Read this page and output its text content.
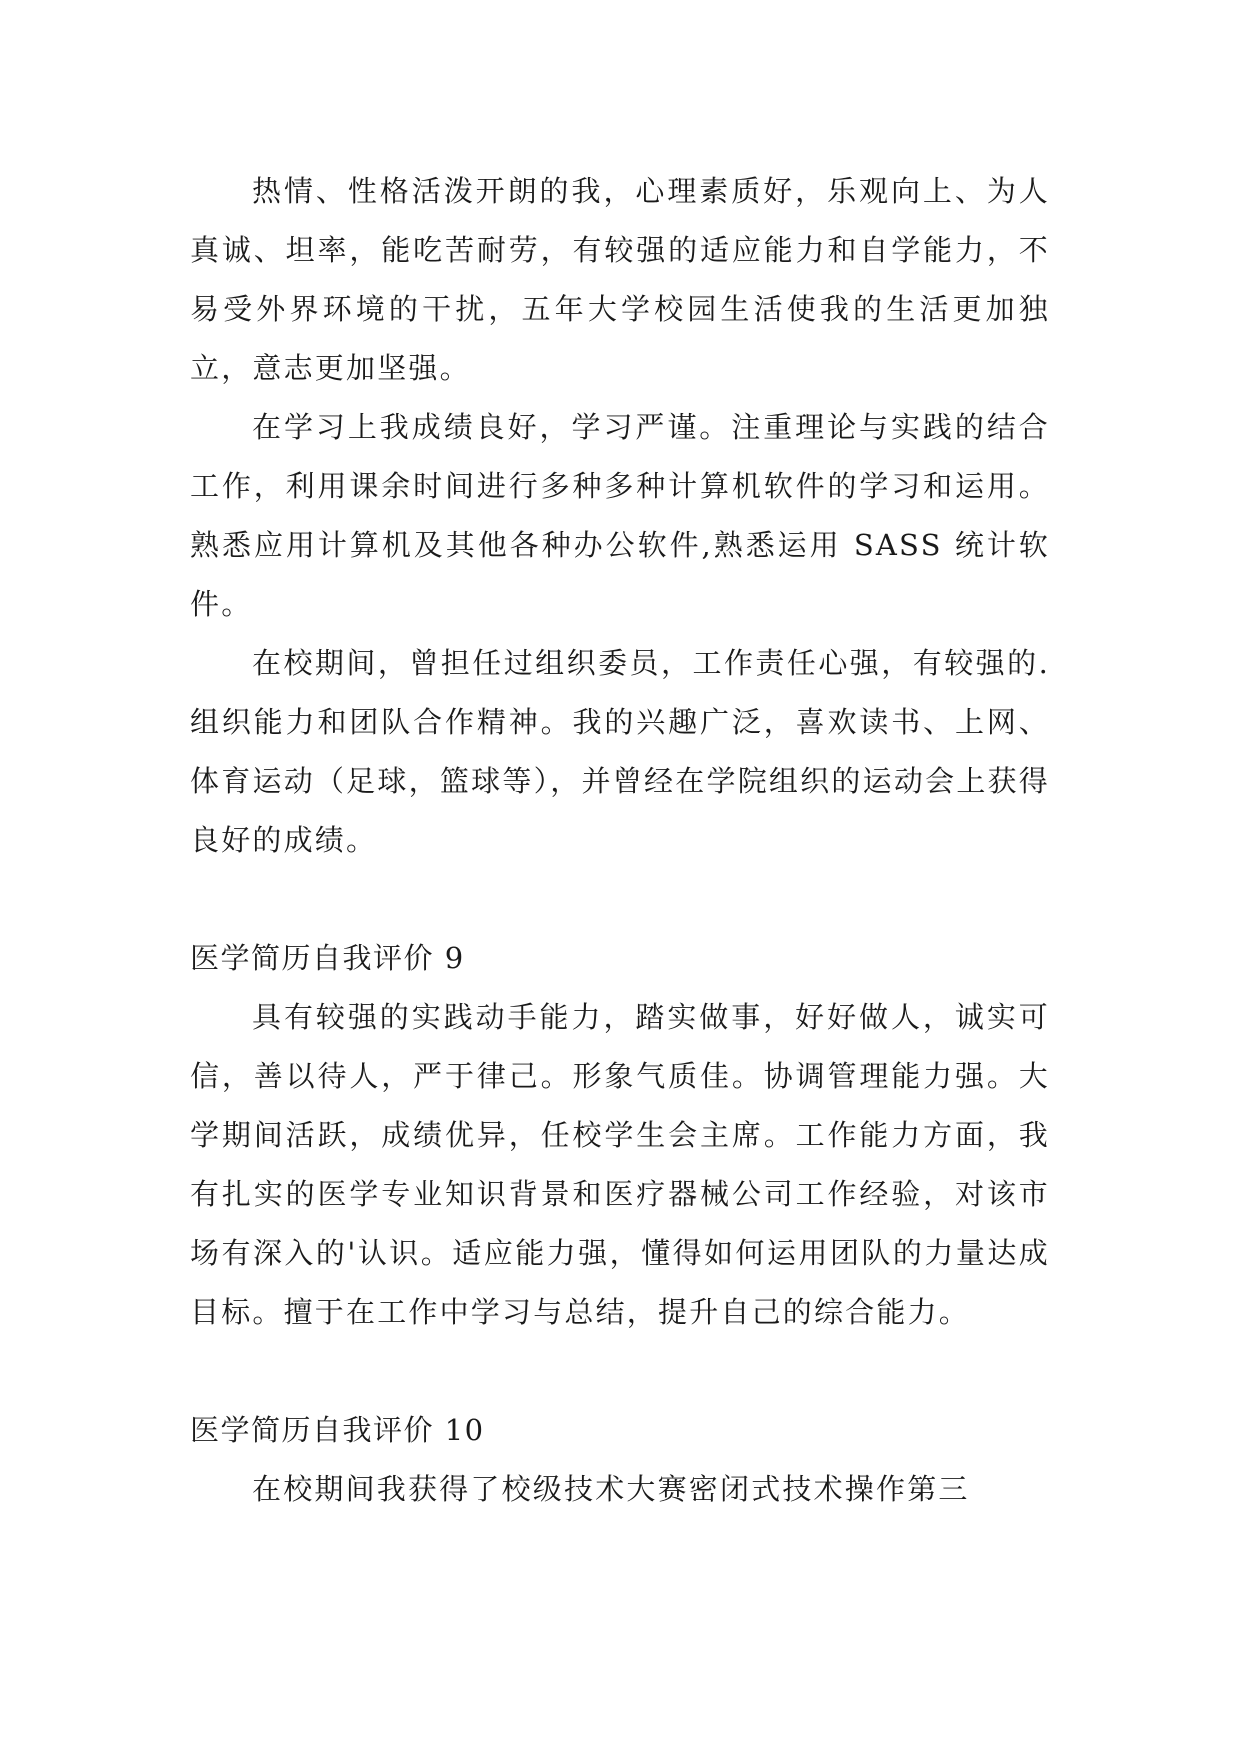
热情、性格活泼开朗的我，心理素质好，乐观向上、为人真诚、坦率，能吃苦耐劳，有较强的适应能力和自学能力，不易受外界环境的干扰，五年大学校园生活使我的生活更加独立，意志更加坚强。

在学习上我成绩良好，学习严谨。注重理论与实践的结合工作，利用课余时间进行多种多种计算机软件的学习和运用。熟悉应用计算机及其他各种办公软件,熟悉运用 SASS 统计软件。

在校期间，曾担任过组织委员，工作责任心强，有较强的.组织能力和团队合作精神。我的兴趣广泛，喜欢读书、上网、体育运动（足球，篮球等），并曾经在学院组织的运动会上获得良好的成绩。

医学简历自我评价 9

具有较强的实践动手能力，踏实做事，好好做人，诚实可信，善以待人，严于律己。形象气质佳。协调管理能力强。大学期间活跃，成绩优异，任校学生会主席。工作能力方面，我有扎实的医学专业知识背景和医疗器械公司工作经验，对该市场有深入的'认识。适应能力强，懂得如何运用团队的力量达成目标。擅于在工作中学习与总结，提升自己的综合能力。

医学简历自我评价 10

在校期间我获得了校级技术大赛密闭式技术操作第三
